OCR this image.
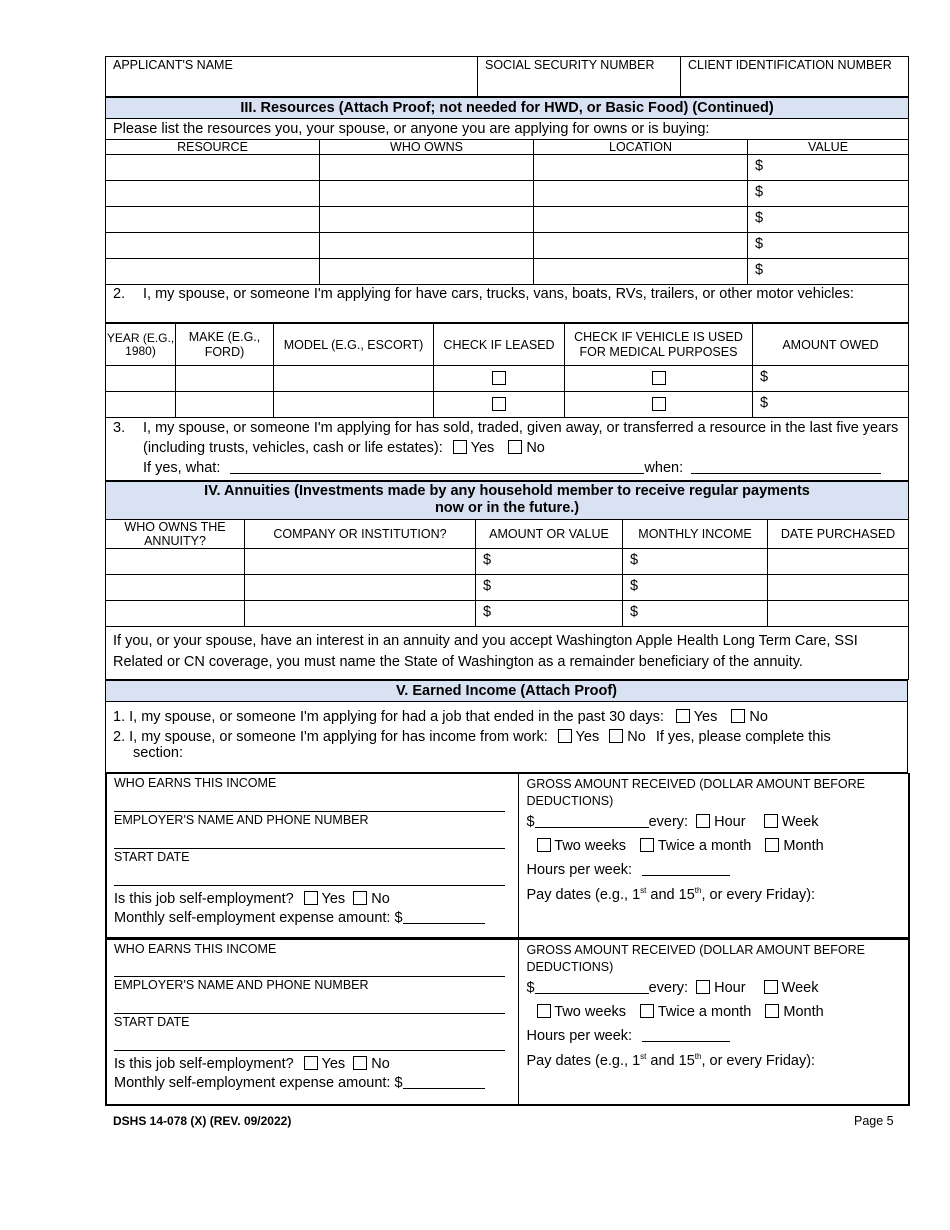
APPLICANT'S NAME	SOCIAL SECURITY NUMBER	CLIENT IDENTIFICATION NUMBER
III. Resources (Attach Proof; not needed for HWD, or Basic Food) (Continued)			
Please list the resources you, your spouse, or anyone you are applying for owns or is buying:			
RESOURCE	WHO OWNS	LOCATION	VALUE
			$
			$
			$
			$
			$

2. I, my spouse, or someone I'm applying for have cars, trucks, vans, boats, RVs, trailers, or other motor vehicles:			
YEAR (E.G., 1980)	MAKE (E.G., FORD)	MODEL (E.G., ESCORT)	CHECK IF LEASED	CHECK IF VEHICLE IS USED FOR MEDICAL PURPOSES	AMOUNT OWED
					$
					$

3. I, my spouse, or someone I'm applying for has sold, traded, given away, or transferred a resource in the last five years (including trusts, vehicles, cash or life estates): Yes No
If yes, what: when:					
IV. Annuities (Investments made by any household member to receive regular payments
now or in the future.)				

WHO OWNS THE ANNUITY?	COMPANY OR INSTITUTION?	AMOUNT OR VALUE	MONTHLY INCOME	DATE PURCHASED
		$	$	
		$	$	
		$	$	
If you, or your spouse, have an interest in an annuity and you accept Washington Apple Health Long Term Care, SSI Related or CN coverage, you must name the State of Washington as a remainder beneficiary of the annuity.				
V. Earned Income (Attach Proof)

1. I, my spouse, or someone I'm applying for had a job that ended in the past 30 days: Yes No
2. I, my spouse, or someone I'm applying for has income from work: Yes No If yes, please complete this
section:
WHO EARNS THIS INCOME
EMPLOYER'S NAME AND PHONE NUMBER
START DATE
Is this job self-employment? Yes No
Monthly self-employment expense amount: $

GROSS AMOUNT RECEIVED (DOLLAR AMOUNT BEFORE DEDUCTIONS)
$	every: Hour Week
Two weeks Twice a month Month
Hours per week:
Pay dates (e.g., 1st and 15th, or every Friday):
WHO EARNS THIS INCOME
EMPLOYER'S NAME AND PHONE NUMBER
START DATE
Is this job self-employment? Yes No
Monthly self-employment expense amount: $

GROSS AMOUNT RECEIVED (DOLLAR AMOUNT BEFORE DEDUCTIONS)
$	every: Hour Week
Two weeks Twice a month Month
Hours per week:
Pay dates (e.g., 1st and 15th, or every Friday):
DSHS 14-078 (X) (REV. 09/2022)	Page 5
